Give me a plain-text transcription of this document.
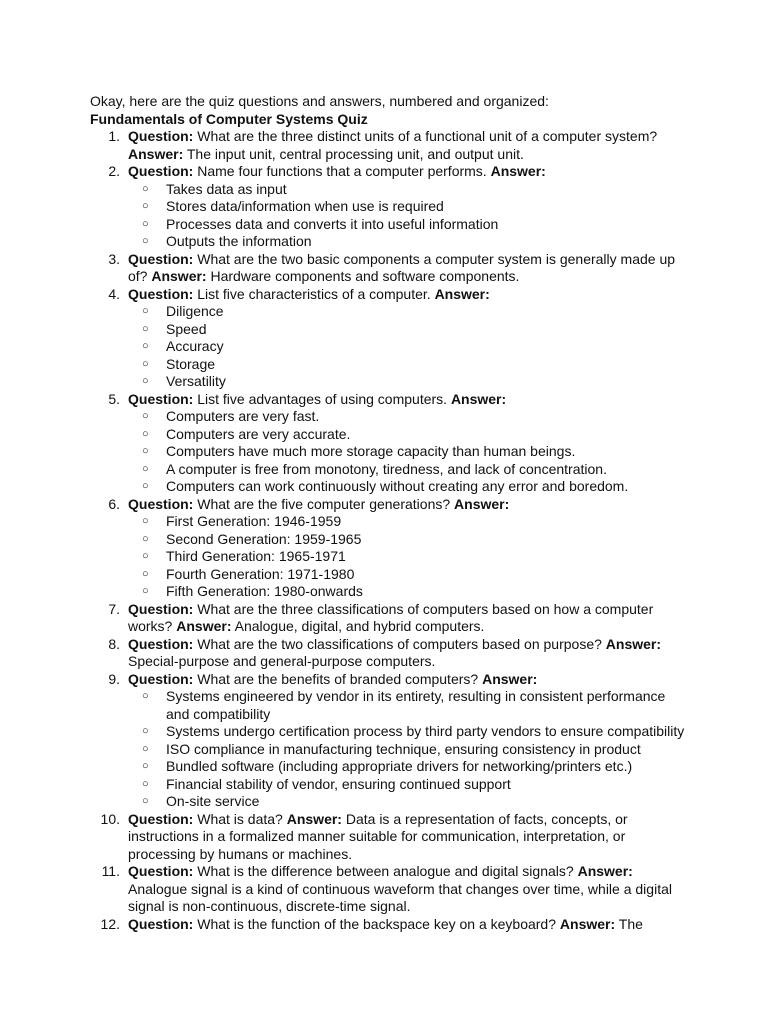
Okay, here are the quiz questions and answers, numbered and organized:

Fundamentals of Computer Systems Quiz

1. Question: What are the three distinct units of a functional unit of a computer system?
Answer: The input unit, central processing unit, and output unit.
2. Question: Name four functions that a computer performs. Answer:
○ Takes data as input
○ Stores data/information when use is required
○ Processes data and converts it into useful information
○ Outputs the information
3. Question: What are the two basic components a computer system is generally made up of? Answer: Hardware components and software components.
4. Question: List five characteristics of a computer. Answer:
○ Diligence
○ Speed
○ Accuracy
○ Storage
○ Versatility
5. Question: List five advantages of using computers. Answer:
○ Computers are very fast.
○ Computers are very accurate.
○ Computers have much more storage capacity than human beings.
○ A computer is free from monotony, tiredness, and lack of concentration.
○ Computers can work continuously without creating any error and boredom.
6. Question: What are the five computer generations? Answer:
○ First Generation: 1946-1959
○ Second Generation: 1959-1965
○ Third Generation: 1965-1971
○ Fourth Generation: 1971-1980
○ Fifth Generation: 1980-onwards
7. Question: What are the three classifications of computers based on how a computer works? Answer: Analogue, digital, and hybrid computers.
8. Question: What are the two classifications of computers based on purpose? Answer: Special-purpose and general-purpose computers.
9. Question: What are the benefits of branded computers? Answer:
○ Systems engineered by vendor in its entirety, resulting in consistent performance and compatibility
○ Systems undergo certification process by third party vendors to ensure compatibility
○ ISO compliance in manufacturing technique, ensuring consistency in product
○ Bundled software (including appropriate drivers for networking/printers etc.)
○ Financial stability of vendor, ensuring continued support
○ On-site service
10. Question: What is data? Answer: Data is a representation of facts, concepts, or instructions in a formalized manner suitable for communication, interpretation, or processing by humans or machines.
11. Question: What is the difference between analogue and digital signals? Answer: Analogue signal is a kind of continuous waveform that changes over time, while a digital signal is non-continuous, discrete-time signal.
12. Question: What is the function of the backspace key on a keyboard? Answer: The
